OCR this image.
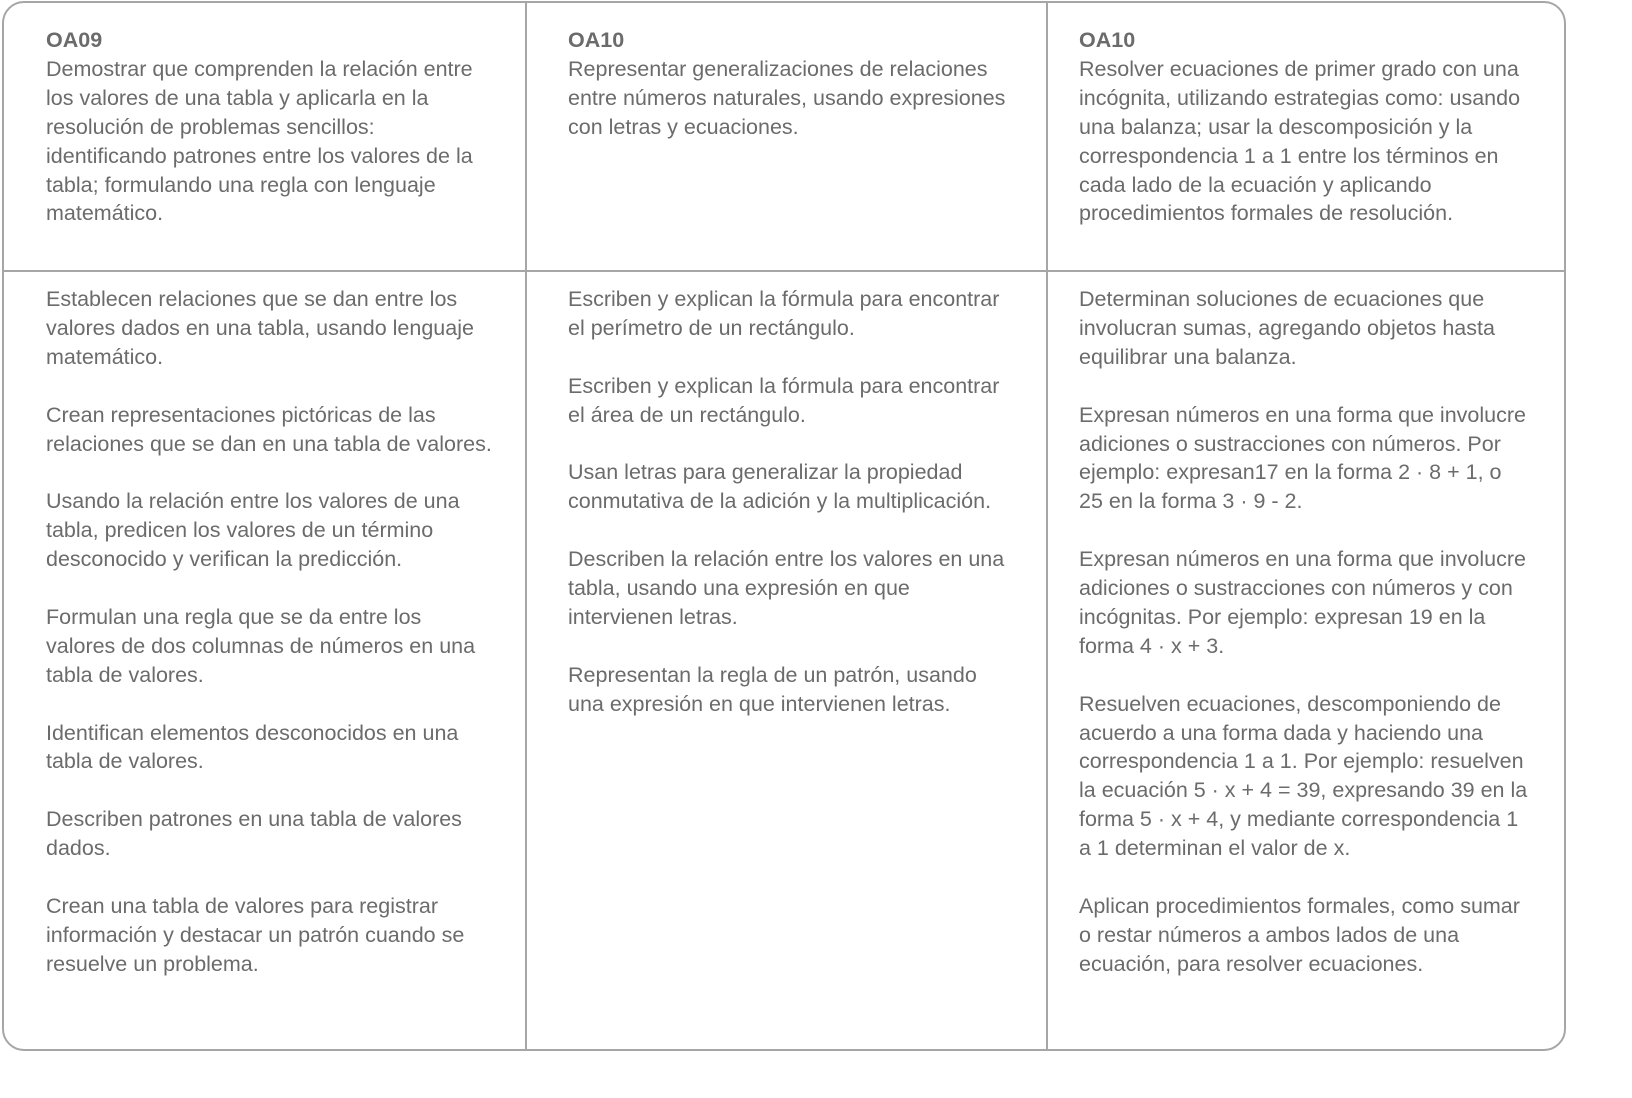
OA09
Demostrar que comprenden la relación entre los valores de una tabla y aplicarla en la resolución de problemas sencillos: identificando patrones entre los valores de la tabla; formulando una regla con lenguaje matemático.
OA10
Representar generalizaciones de relaciones entre números naturales, usando expresiones con letras y ecuaciones.
OA10
Resolver ecuaciones de primer grado con una incógnita, utilizando estrategias como: usando una balanza; usar la descomposición y la correspondencia 1 a 1 entre los términos en cada lado de la ecuación y aplicando procedimientos formales de resolución.

Establecen relaciones que se dan entre los valores dados en una tabla, usando lenguaje matemático.

Crean representaciones pictóricas de las relaciones que se dan en una tabla de valores.

Usando la relación entre los valores de una tabla, predicen los valores de un término desconocido y verifican la predicción.

Formulan una regla que se da entre los valores de dos columnas de números en una tabla de valores.

Identifican elementos desconocidos en una tabla de valores.

Describen patrones en una tabla de valores dados.

Crean una tabla de valores para registrar información y destacar un patrón cuando se resuelve un problema.

Escriben y explican la fórmula para encontrar el perímetro de un rectángulo.

Escriben y explican la fórmula para encontrar el área de un rectángulo.

Usan letras para generalizar la propiedad conmutativa de la adición y la multiplicación.

Describen la relación entre los valores en una tabla, usando una expresión en que intervienen letras.

Representan la regla de un patrón, usando una expresión en que intervienen letras.

Determinan soluciones de ecuaciones que involucran sumas, agregando objetos hasta equilibrar una balanza.

Expresan números en una forma que involucre adiciones o sustracciones con números. Por ejemplo: expresan17 en la forma 2 · 8 + 1, o 25 en la forma 3 · 9 - 2.

Expresan números en una forma que involucre adiciones o sustracciones con números y con incógnitas. Por ejemplo: expresan 19 en la forma 4 · x + 3.

Resuelven ecuaciones, descomponiendo de acuerdo a una forma dada y haciendo una correspondencia 1 a 1. Por ejemplo: resuelven la ecuación 5 · x + 4 = 39, expresando 39 en la forma 5 · x + 4, y mediante correspondencia 1 a 1 determinan el valor de x.

Aplican procedimientos formales, como sumar o restar números a ambos lados de una ecuación, para resolver ecuaciones.
